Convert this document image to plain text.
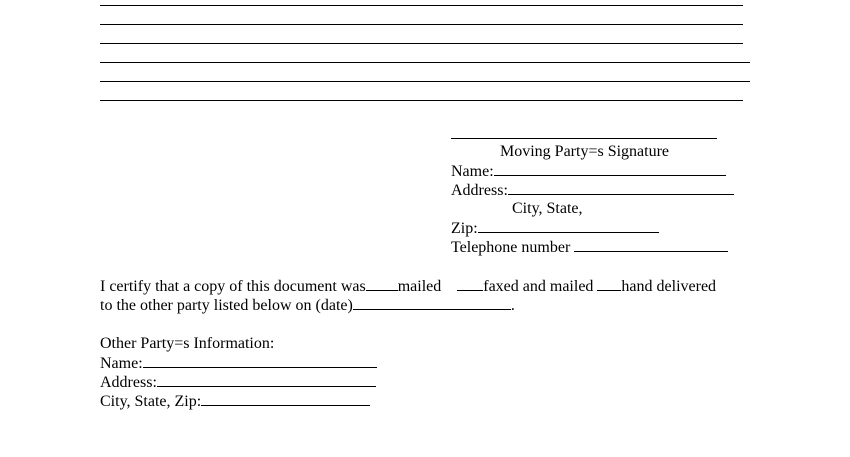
Moving Party=s Signature
Name:
Address:
City, State,
Zip:
Telephone number
I certify that a copy of this document was mailed	faxed and mailed hand delivered
to the other party listed below on (date)	.
Other Party=s Information:
Name:
Address:
City, State, Zip:
